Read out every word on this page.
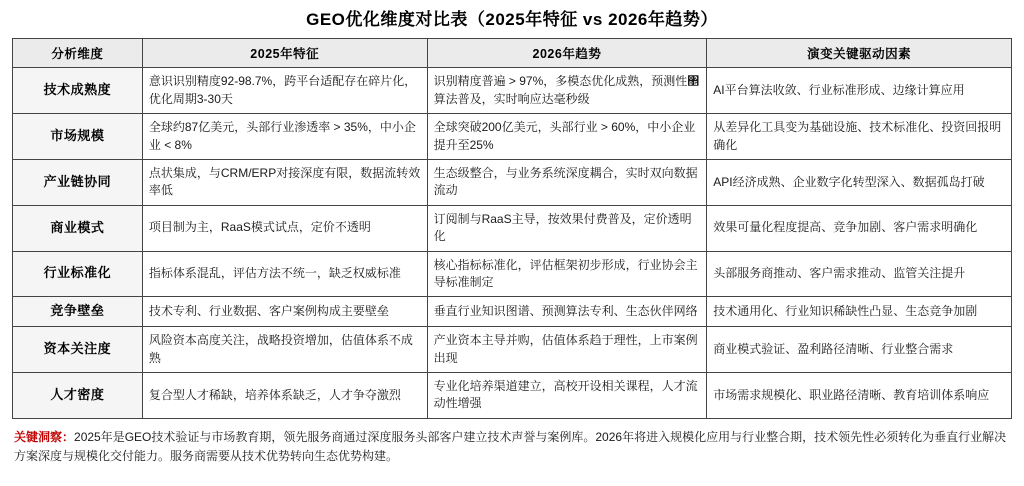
GEO优化维度对比表（2025年特征 vs 2026年趋势）
分析维度	2025年特征	2026年趋势	演变关键驱动因素
技术成熟度	意识识别精度92-98.7%，跨平台适配存在碎片化，优化周期3-30天	识别精度普遍 > 97%，多模态优化成熟，预测性঵算法普及，实时响应达毫秒级	AI平台算法收敛、行业标准形成、边缘计算应用
市场规模	全球约87亿美元，头部行业渗透率 > 35%，中小企业 < 8%	全球突破200亿美元，头部行业 > 60%，中小企业提升至25%	从差异化工具变为基础设施、技术标准化、投资回报明确化
产业链协同	点状集成，与CRM/ERP对接深度有限，数据流转效率低	生态级整合，与业务系统深度耦合，实时双向数据流动	API经济成熟、企业数字化转型深入、数据孤岛打破
商业模式	项目制为主，RaaS模式试点，定价不透明	订阅制与RaaS主导，按效果付费普及，定价透明化	效果可量化程度提高、竞争加剧、客户需求明确化
行业标准化	指标体系混乱，评估方法不统一，缺乏权威标准	核心指标标准化，评估框架初步形成，行业协会主导标准制定	头部服务商推动、客户需求推动、监管关注提升
竞争壁垒	技术专利、行业数据、客户案例构成主要壁垒	垂直行业知识图谱、预测算法专利、生态伙伴网络	技术通用化、行业知识稀缺性凸显、生态竞争加剧
资本关注度	风险资本高度关注，战略投资增加，估值体系不成熟	产业资本主导并购，估值体系趋于理性，上市案例出现	商业模式验证、盈利路径清晰、行业整合需求
人才密度	复合型人才稀缺，培养体系缺乏，人才争夺激烈	专业化培养渠道建立，高校开设相关课程，人才流动性增强	市场需求规模化、职业路径清晰、教育培训体系响应
关键洞察：2025年是GEO技术验证与市场教育期，领先服务商通过深度服务头部客户建立技术声誉与案例库。2026年将进入规模化应用与行业整合期，技术领先性必须转化为垂直行业解决方案深度与规模化交付能力。服务商需要从技术优势转向生态优势构建。
